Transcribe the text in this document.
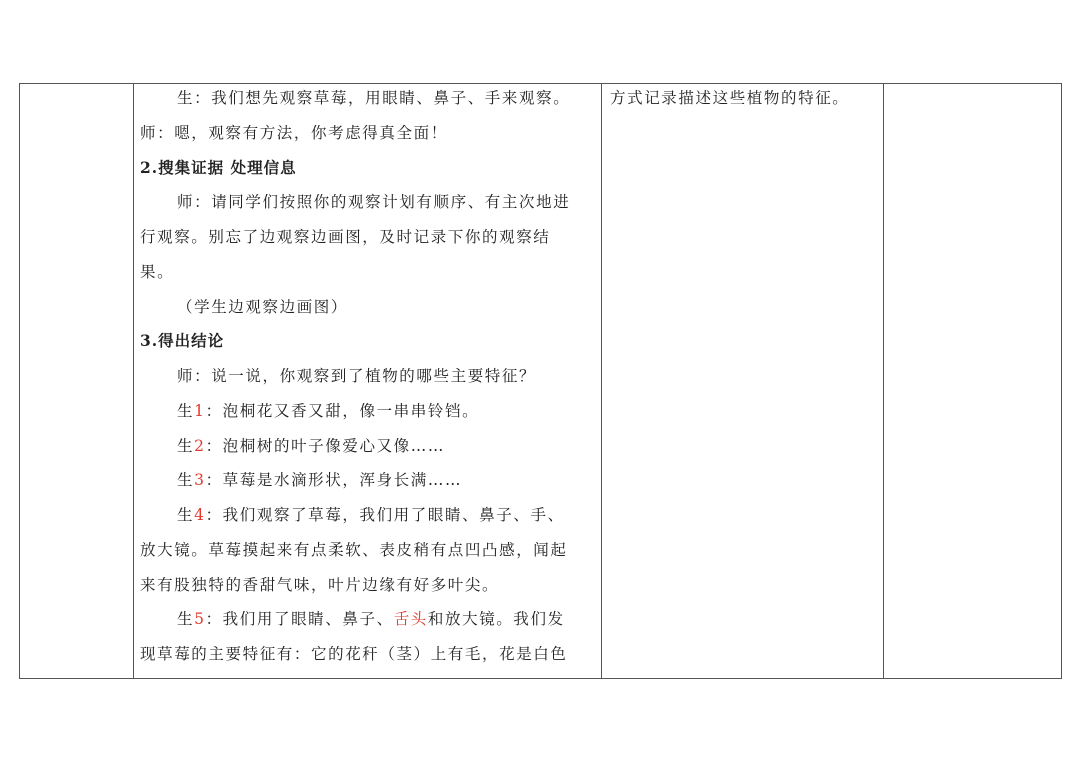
生：我们想先观察草莓，用眼睛、鼻子、手来观察。
师：嗯，观察有方法，你考虑得真全面！
2.搜集证据 处理信息
师：请同学们按照你的观察计划有顺序、有主次地进
行观察。别忘了边观察边画图，及时记录下你的观察结
果。
（学生边观察边画图）
3.得出结论
师：说一说，你观察到了植物的哪些主要特征？
生1：泡桐花又香又甜，像一串串铃铛。
生2：泡桐树的叶子像爱心又像……
生3：草莓是水滴形状，浑身长满……
生4：我们观察了草莓，我们用了眼睛、鼻子、手、
放大镜。草莓摸起来有点柔软、表皮稍有点凹凸感，闻起
来有股独特的香甜气味，叶片边缘有好多叶尖。
生5：我们用了眼睛、鼻子、舌头和放大镜。我们发
现草莓的主要特征有：它的花秆（茎）上有毛，花是白色
方式记录描述这些植物的特征。
